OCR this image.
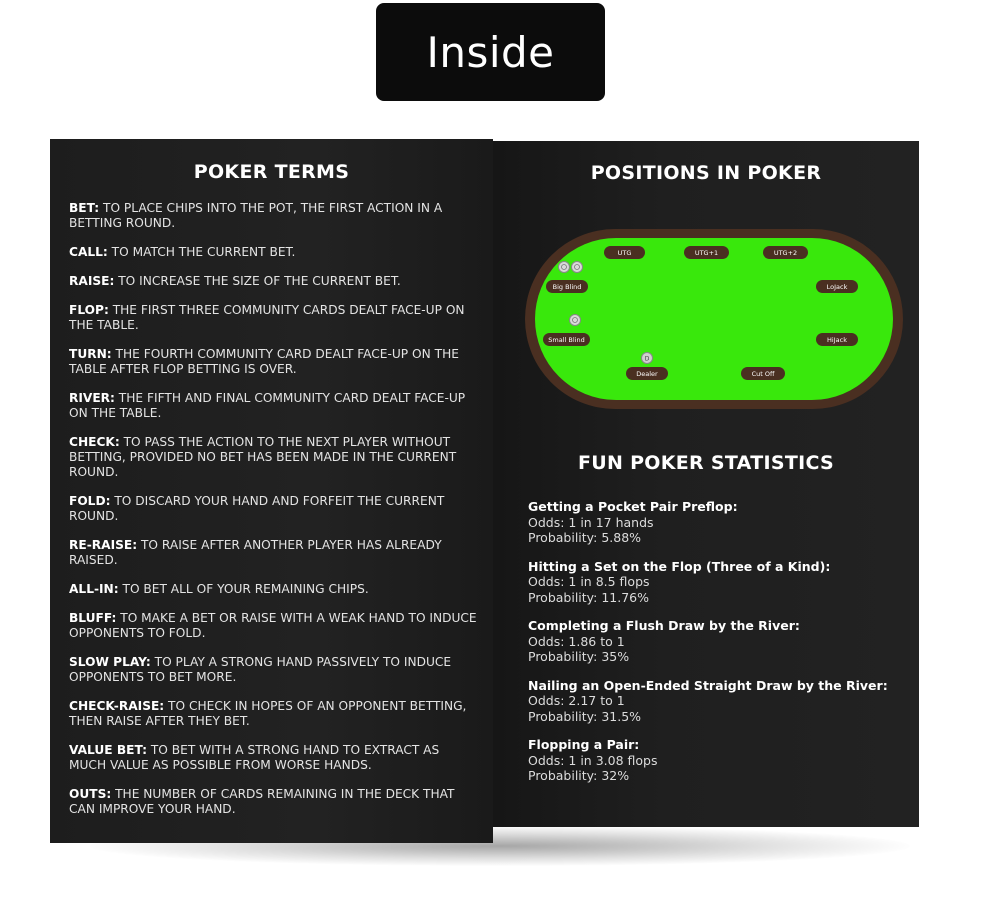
Inside
POKER TERMS
BET: TO PLACE CHIPS INTO THE POT, THE FIRST ACTION IN A BETTING ROUND.
CALL: TO MATCH THE CURRENT BET.
RAISE: TO INCREASE THE SIZE OF THE CURRENT BET.
FLOP: THE FIRST THREE COMMUNITY CARDS DEALT FACE-UP ON THE TABLE.
TURN: THE FOURTH COMMUNITY CARD DEALT FACE-UP ON THE TABLE AFTER FLOP BETTING IS OVER.
RIVER: THE FIFTH AND FINAL COMMUNITY CARD DEALT FACE-UP ON THE TABLE.
CHECK: TO PASS THE ACTION TO THE NEXT PLAYER WITHOUT BETTING, PROVIDED NO BET HAS BEEN MADE IN THE CURRENT ROUND.
FOLD: TO DISCARD YOUR HAND AND FORFEIT THE CURRENT ROUND.
RE-RAISE: TO RAISE AFTER ANOTHER PLAYER HAS ALREADY RAISED.
ALL-IN: TO BET ALL OF YOUR REMAINING CHIPS.
BLUFF: TO MAKE A BET OR RAISE WITH A WEAK HAND TO INDUCE OPPONENTS TO FOLD.
SLOW PLAY: TO PLAY A STRONG HAND PASSIVELY TO INDUCE OPPONENTS TO BET MORE.
CHECK-RAISE: TO CHECK IN HOPES OF AN OPPONENT BETTING, THEN RAISE AFTER THEY BET.
VALUE BET: TO BET WITH A STRONG HAND TO EXTRACT AS MUCH VALUE AS POSSIBLE FROM WORSE HANDS.
OUTS: THE NUMBER OF CARDS REMAINING IN THE DECK THAT CAN IMPROVE YOUR HAND.
POSITIONS IN POKER
D
UTG	UTG+1	UTG+2
Big Blind	LoJack
Small Blind	HiJack
Dealer	Cut Off
FUN POKER STATISTICS
Getting a Pocket Pair Preflop:
Odds: 1 in 17 hands
Probability: 5.88%
Hitting a Set on the Flop (Three of a Kind):
Odds: 1 in 8.5 flops
Probability: 11.76%
Completing a Flush Draw by the River:
Odds: 1.86 to 1
Probability: 35%
Nailing an Open-Ended Straight Draw by the River:
Odds: 2.17 to 1
Probability: 31.5%
Flopping a Pair:
Odds: 1 in 3.08 flops
Probability: 32%
